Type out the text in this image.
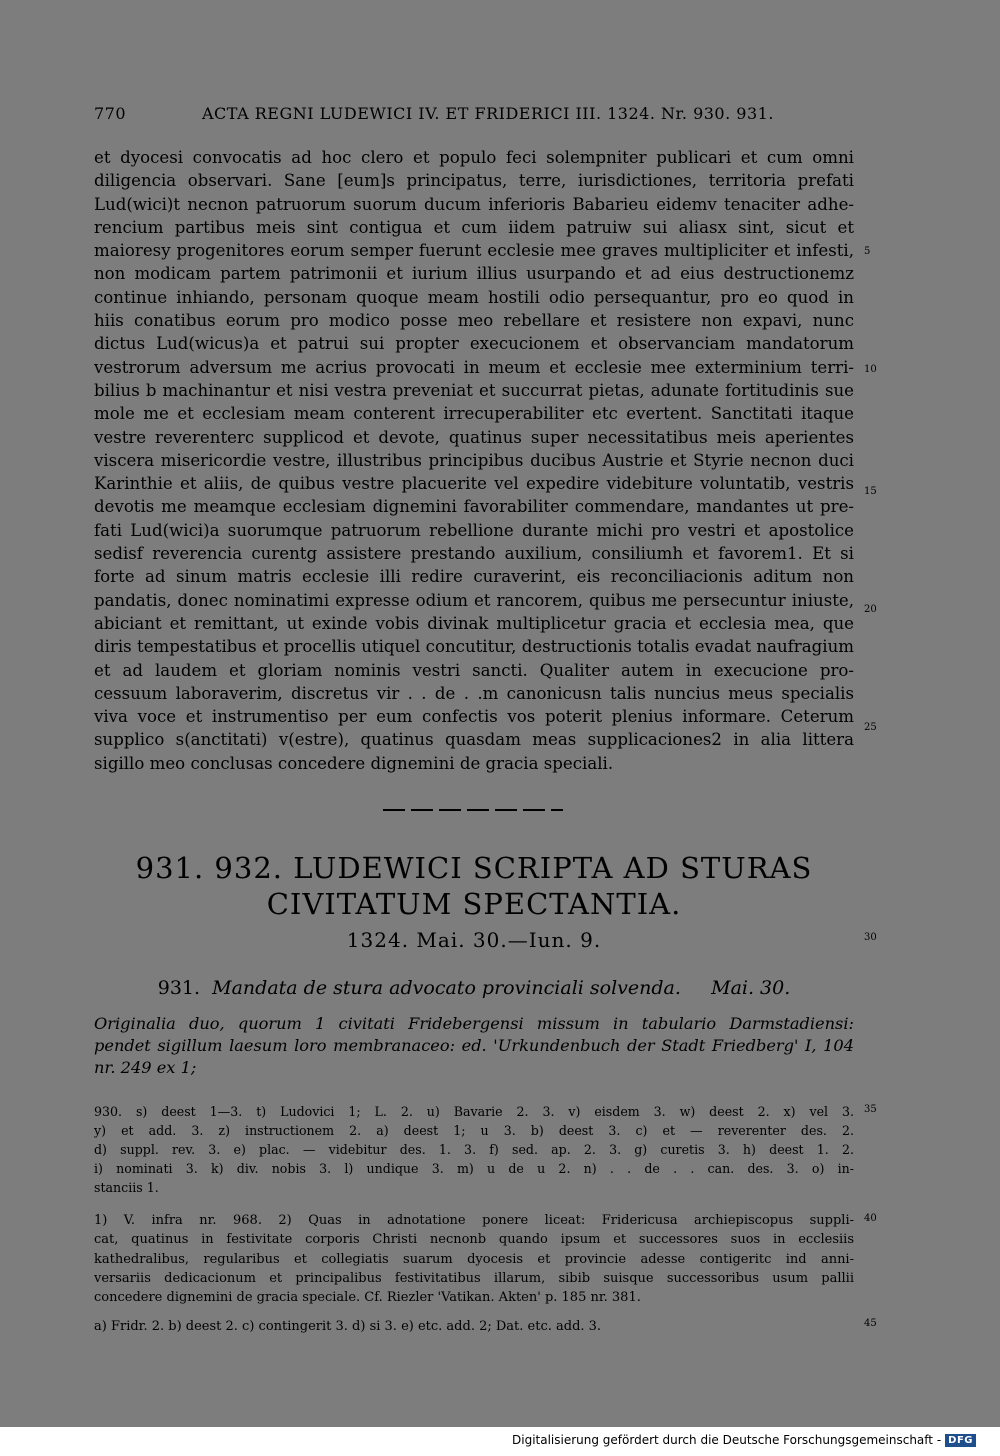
770	ACTA REGNI LUDEWICI IV. ET FRIDERICI III. 1324. Nr. 930. 931.
et dyocesi convocatis ad hoc clero et populo feci solempniter publicari et cum omni
diligencia observari. Sane [eum]s principatus, terre, iurisdictiones, territoria prefati
Lud(wici)t necnon patruorum suorum ducum inferioris Babarieu eidemv tenaciter adhe-
rencium partibus meis sint contigua et cum iidem patruiw sui aliasx sint, sicut et
maioresy progenitores eorum semper fuerunt ecclesie mee graves multipliciter et infesti,
non modicam partem patrimonii et iurium illius usurpando et ad eius destructionemz
continue inhiando, personam quoque meam hostili odio persequantur, pro eo quod in
hiis conatibus eorum pro modico posse meo rebellare et resistere non expavi, nunc
dictus Lud(wicus)a et patrui sui propter execucionem et observanciam mandatorum
vestrorum adversum me acrius provocati in meum et ecclesie mee exterminium terri-
bilius b machinantur et nisi vestra preveniat et succurrat pietas, adunate fortitudinis sue
mole me et ecclesiam meam conterent irrecuperabiliter etc evertent. Sanctitati itaque
vestre reverenterc supplicod et devote, quatinus super necessitatibus meis aperientes
viscera misericordie vestre, illustribus principibus ducibus Austrie et Styrie necnon duci
Karinthie et aliis, de quibus vestre placuerite vel expedire videbiture voluntatib, vestris
devotis me meamque ecclesiam dignemini favorabiliter commendare, mandantes ut pre-
fati Lud(wici)a suorumque patruorum rebellione durante michi pro vestri et apostolice
sedisf reverencia curentg assistere prestando auxilium, consiliumh et favorem1. Et si
forte ad sinum matris ecclesie illi redire curaverint, eis reconciliacionis aditum non
pandatis, donec nominatimi expresse odium et rancorem, quibus me persecuntur iniuste,
abiciant et remittant, ut exinde vobis divinak multiplicetur gracia et ecclesia mea, que
diris tempestatibus et procellis utiquel concutitur, destructionis totalis evadat naufragium
et ad laudem et gloriam nominis vestri sancti. Qualiter autem in execucione pro-
cessuum laboraverim, discretus vir . . de . .m canonicusn talis nuncius meus specialis
viva voce et instrumentiso per eum confectis vos poterit plenius informare. Ceterum
supplico s(anctitati) v(estre), quatinus quasdam meas supplicaciones2 in alia littera
sigillo meo conclusas concedere dignemini de gracia speciali.
5
10
15
20
25
30
35
40
45
931. 932. LUDEWICI SCRIPTA AD STURAS
CIVITATUM SPECTANTIA.
1324. Mai. 30.—Iun. 9.
931. Mandata de stura advocato provinciali solvenda. Mai. 30.
Originalia duo, quorum 1 civitati Fridebergensi missum in tabulario Darmstadiensi:
pendet sigillum laesum loro membranaceo: ed. 'Urkundenbuch der Stadt Friedberg' I, 104
nr. 249 ex 1;
930. s) deest 1—3. t) Ludovici 1; L. 2. u) Bavarie 2. 3. v) eisdem 3. w) deest 2. x) vel 3.
y) et add. 3. z) instructionem 2. a) deest 1; u 3. b) deest 3. c) et — reverenter des. 2.
d) suppl. rev. 3. e) plac. — videbitur des. 1. 3. f) sed. ap. 2. 3. g) curetis 3. h) deest 1. 2.
i) nominati 3. k) div. nobis 3. l) undique 3. m) u de u 2. n) . . de . . can. des. 3. o) in-
stanciis 1.
1) V. infra nr. 968. 2) Quas in adnotatione ponere liceat: Fridericusa archiepiscopus suppli-
cat, quatinus in festivitate corporis Christi necnonb quando ipsum et successores suos in ecclesiis
kathedralibus, regularibus et collegiatis suarum dyocesis et provincie adesse contigeritc ind anni-
versariis dedicacionum et principalibus festivitatibus illarum, sibib suisque successoribus usum pallii
concedere dignemini de gracia speciale. Cf. Riezler 'Vatikan. Akten' p. 185 nr. 381.
a) Fridr. 2. b) deest 2. c) contingerit 3. d) si 3. e) etc. add. 2; Dat. etc. add. 3.
Digitalisierung gefördert durch die Deutsche Forschungsgemeinschaft - DFG
